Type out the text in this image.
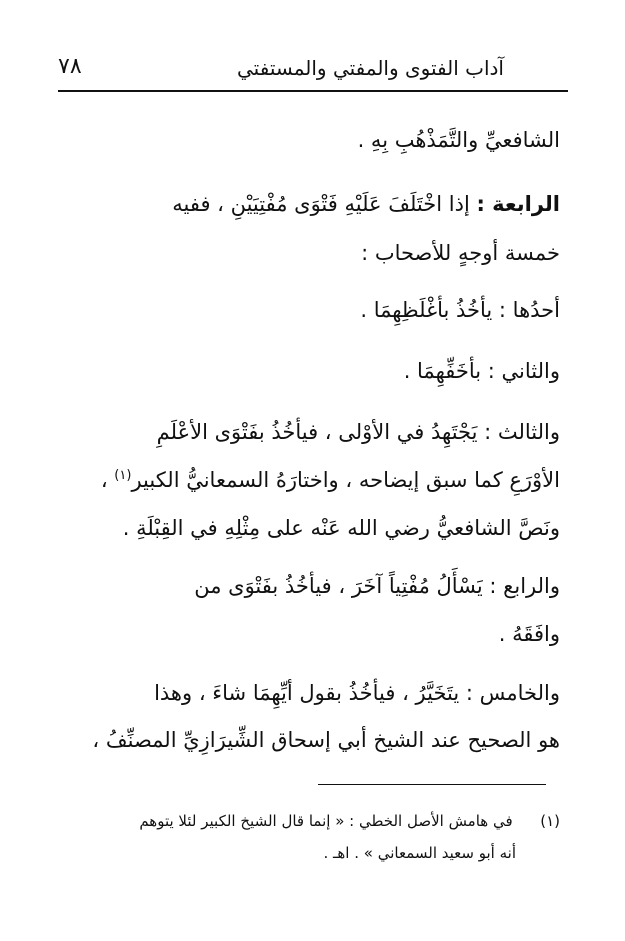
٧٨	آداب الفتوى والمفتي والمستفتي
الشافعيِّ والتَّمَذْهُبِ بِهِ .
الرابعة : إذا اخْتَلَفَ عَلَيْهِ فَتْوَى مُفْتِيَيْنِ ، ففيه
خمسة أوجهٍ للأصحاب :
أحدُها : يأخُذُ بأغْلَظِهِمَا .
والثاني : بأخَفِّهِمَا .
والثالث : يَجْتَهِدُ في الأوْلى ، فيأخُذُ بفَتْوَى الأعْلَمِ
الأوْرَعِ كما سبق إيضاحه ، واختارَهُ السمعانيُّ الكبير$^{(١)}$ ،
ونَصَّ الشافعيُّ رضي الله عَنْه على مِثْلِهِ في القِبْلَةِ .
والرابع : يَسْأَلُ مُفْتِياً آخَرَ ، فيأخُذُ بفَتْوَى من
وافَقَهُ .
والخامس : يتَخَيَّرُ ، فيأخُذُ بقول أيِّهِمَا شاءَ ، وهذا
هو الصحيح عند الشيخ أبي إسحاق الشِّيرَازِيِّ المصنِّفُ ،
(١)  في هامش الأصل الخطي : « إنما قال الشيخ الكبير لئلا يتوهم
أنه أبو سعيد السمعاني » . اهـ .
